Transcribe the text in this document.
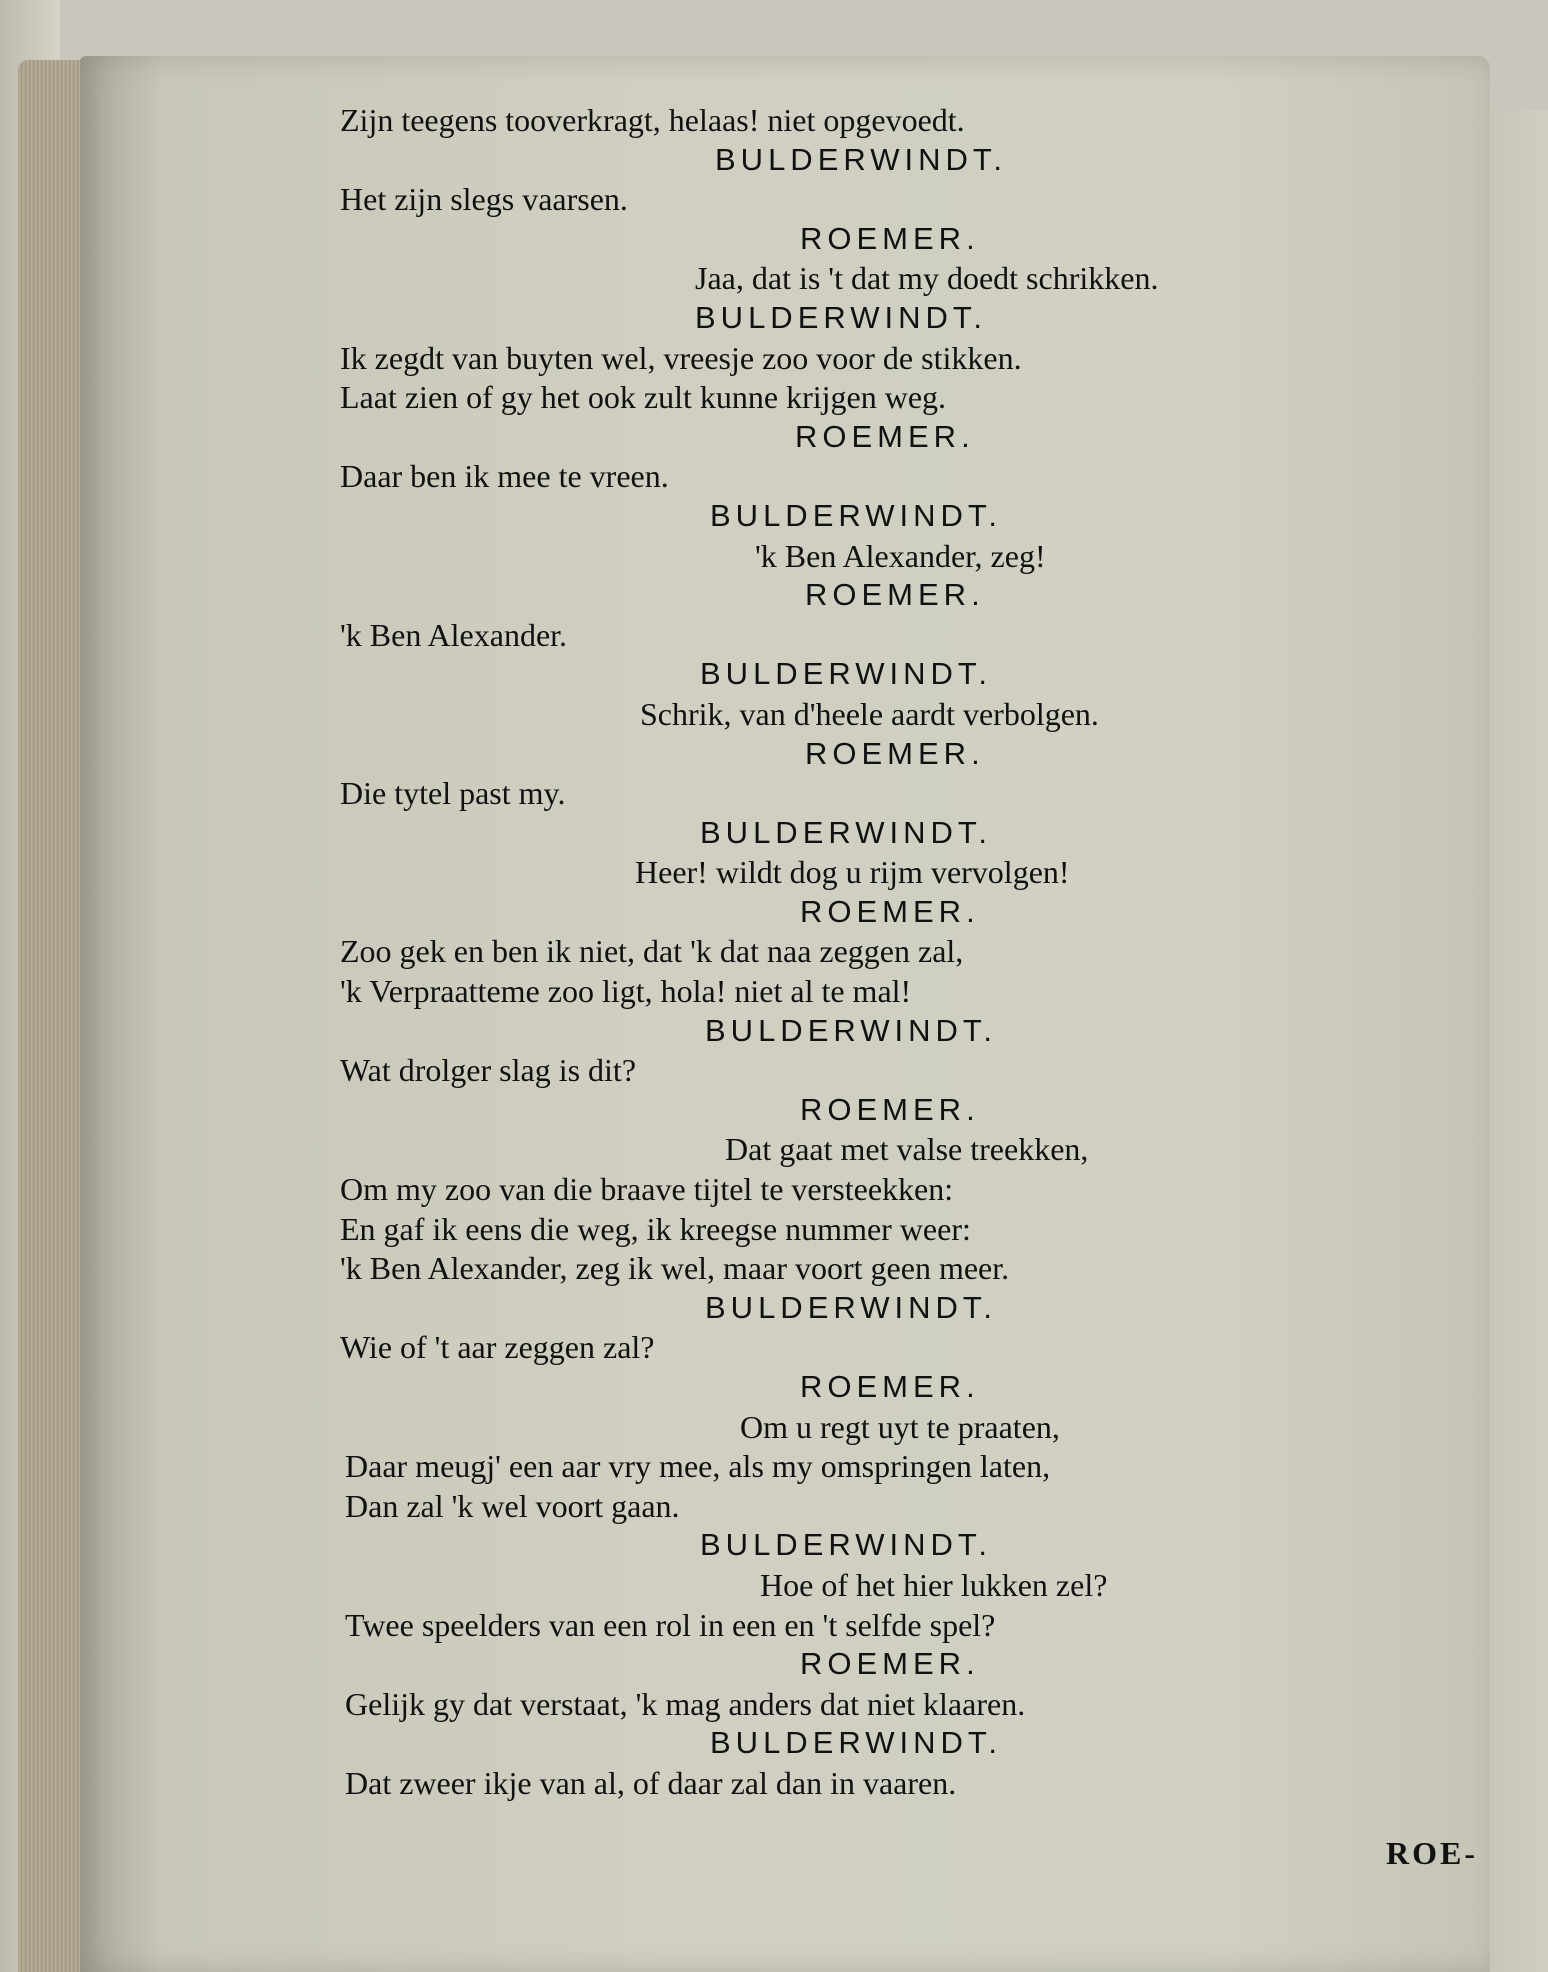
Zijn teegens tooverkragt, helaas! niet opgevoedt.
BULDERWINDT.
Het zijn slegs vaarsen.
ROEMER.
Jaa, dat is 't dat my doedt schrikken.
BULDERWINDT.
Ik zegdt van buyten wel, vreesje zoo voor de stikken.
Laat zien of gy het ook zult kunne krijgen weg.
ROEMER.
Daar ben ik mee te vreen.
BULDERWINDT.
'k Ben Alexander, zeg!
ROEMER.
'k Ben Alexander.
BULDERWINDT.
Schrik, van d'heele aardt verbolgen.
ROEMER.
Die tytel past my.
BULDERWINDT.
Heer! wildt dog u rijm vervolgen!
ROEMER.
Zoo gek en ben ik niet, dat 'k dat naa zeggen zal,
'k Verpraatteme zoo ligt, hola! niet al te mal!
BULDERWINDT.
Wat drolger slag is dit?
ROEMER.
Dat gaat met valse treekken,
Om my zoo van die braave tijtel te versteekken:
En gaf ik eens die weg, ik kreegse nummer weer:
'k Ben Alexander, zeg ik wel, maar voort geen meer.
BULDERWINDT.
Wie of 't aar zeggen zal?
ROEMER.
Om u regt uyt te praaten,
Daar meugj' een aar vry mee, als my omspringen laten,
Dan zal 'k wel voort gaan.
BULDERWINDT.
Hoe of het hier lukken zel?
Twee speelders van een rol in een en 't selfde spel?
ROEMER.
Gelijk gy dat verstaat, 'k mag anders dat niet klaaren.
BULDERWINDT.
Dat zweer ikje van al, of daar zal dan in vaaren.
ROE-
